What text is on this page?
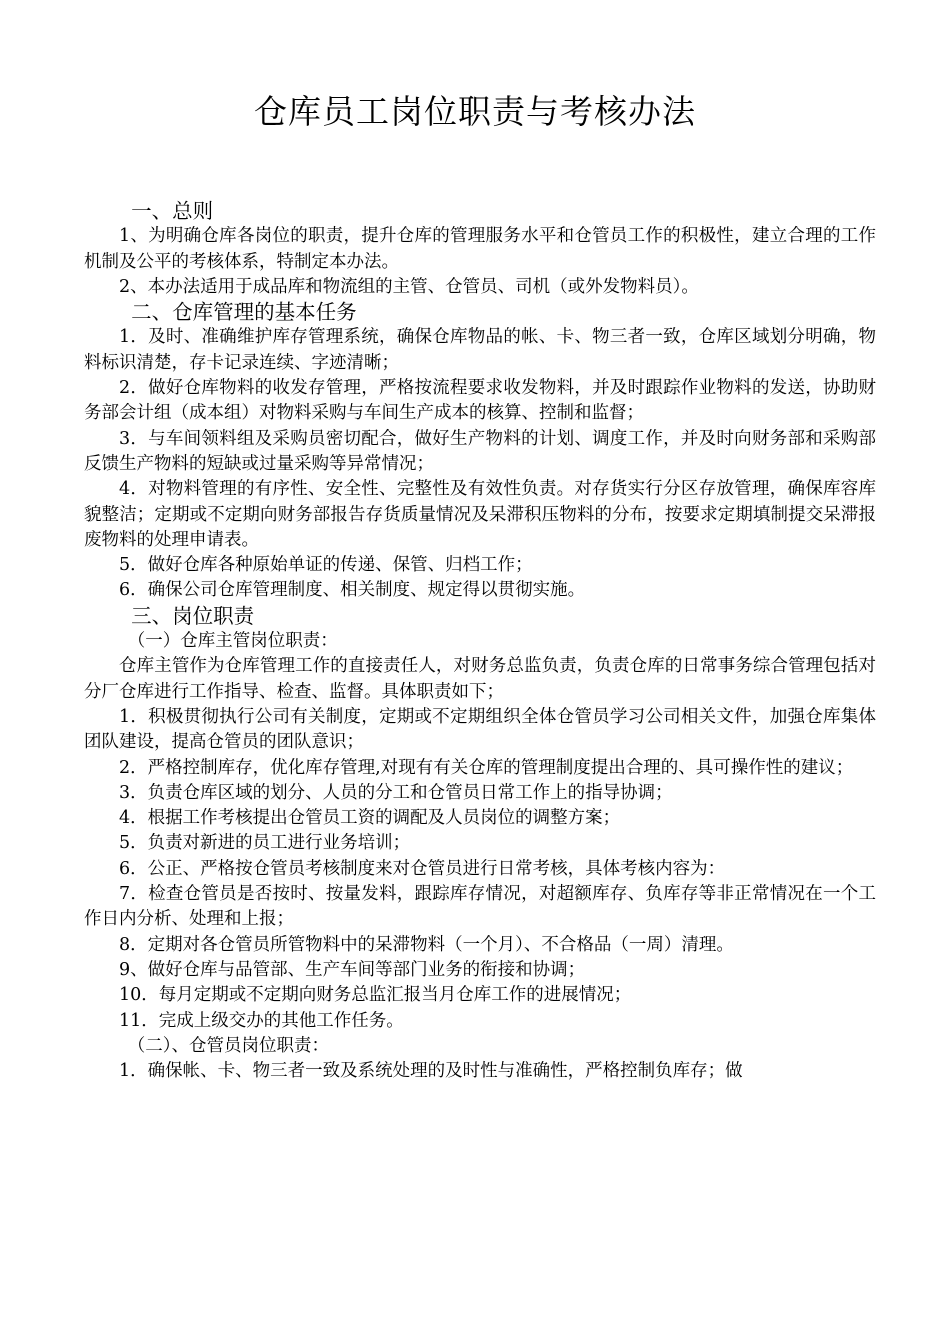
仓库员工岗位职责与考核办法

一、总则

1、为明确仓库各岗位的职责，提升仓库的管理服务水平和仓管员工作的积极性，建立合理的工作机制及公平的考核体系，特制定本办法。

2、本办法适用于成品库和物流组的主管、仓管员、司机（或外发物料员）。

二、仓库管理的基本任务

1．及时、准确维护库存管理系统，确保仓库物品的帐、卡、物三者一致，仓库区域划分明确，物料标识清楚，存卡记录连续、字迹清晰；

2．做好仓库物料的收发存管理，严格按流程要求收发物料，并及时跟踪作业物料的发送，协助财务部会计组（成本组）对物料采购与车间生产成本的核算、控制和监督；

3．与车间领料组及采购员密切配合，做好生产物料的计划、调度工作，并及时向财务部和采购部反馈生产物料的短缺或过量采购等异常情况；

4．对物料管理的有序性、安全性、完整性及有效性负责。对存货实行分区存放管理，确保库容库貌整洁；定期或不定期向财务部报告存货质量情况及呆滞积压物料的分布，按要求定期填制提交呆滞报废物料的处理申请表。

5．做好仓库各种原始单证的传递、保管、归档工作；

6．确保公司仓库管理制度、相关制度、规定得以贯彻实施。

三、岗位职责

（一）仓库主管岗位职责：

仓库主管作为仓库管理工作的直接责任人，对财务总监负责，负责仓库的日常事务综合管理包括对分厂仓库进行工作指导、检查、监督。具体职责如下；

1．积极贯彻执行公司有关制度，定期或不定期组织全体仓管员学习公司相关文件，加强仓库集体团队建设，提高仓管员的团队意识；

2．严格控制库存，优化库存管理,对现有有关仓库的管理制度提出合理的、具可操作性的建议；

3．负责仓库区域的划分、人员的分工和仓管员日常工作上的指导协调；

4．根据工作考核提出仓管员工资的调配及人员岗位的调整方案；

5．负责对新进的员工进行业务培训；

6．公正、严格按仓管员考核制度来对仓管员进行日常考核，具体考核内容为：

7．检查仓管员是否按时、按量发料，跟踪库存情况，对超额库存、负库存等非正常情况在一个工作日内分析、处理和上报；

8．定期对各仓管员所管物料中的呆滞物料（一个月）、不合格品（一周）清理。

9、做好仓库与品管部、生产车间等部门业务的衔接和协调；

10．每月定期或不定期向财务总监汇报当月仓库工作的进展情况；

11．完成上级交办的其他工作任务。

（二）、仓管员岗位职责：

1．确保帐、卡、物三者一致及系统处理的及时性与准确性，严格控制负库存；做
